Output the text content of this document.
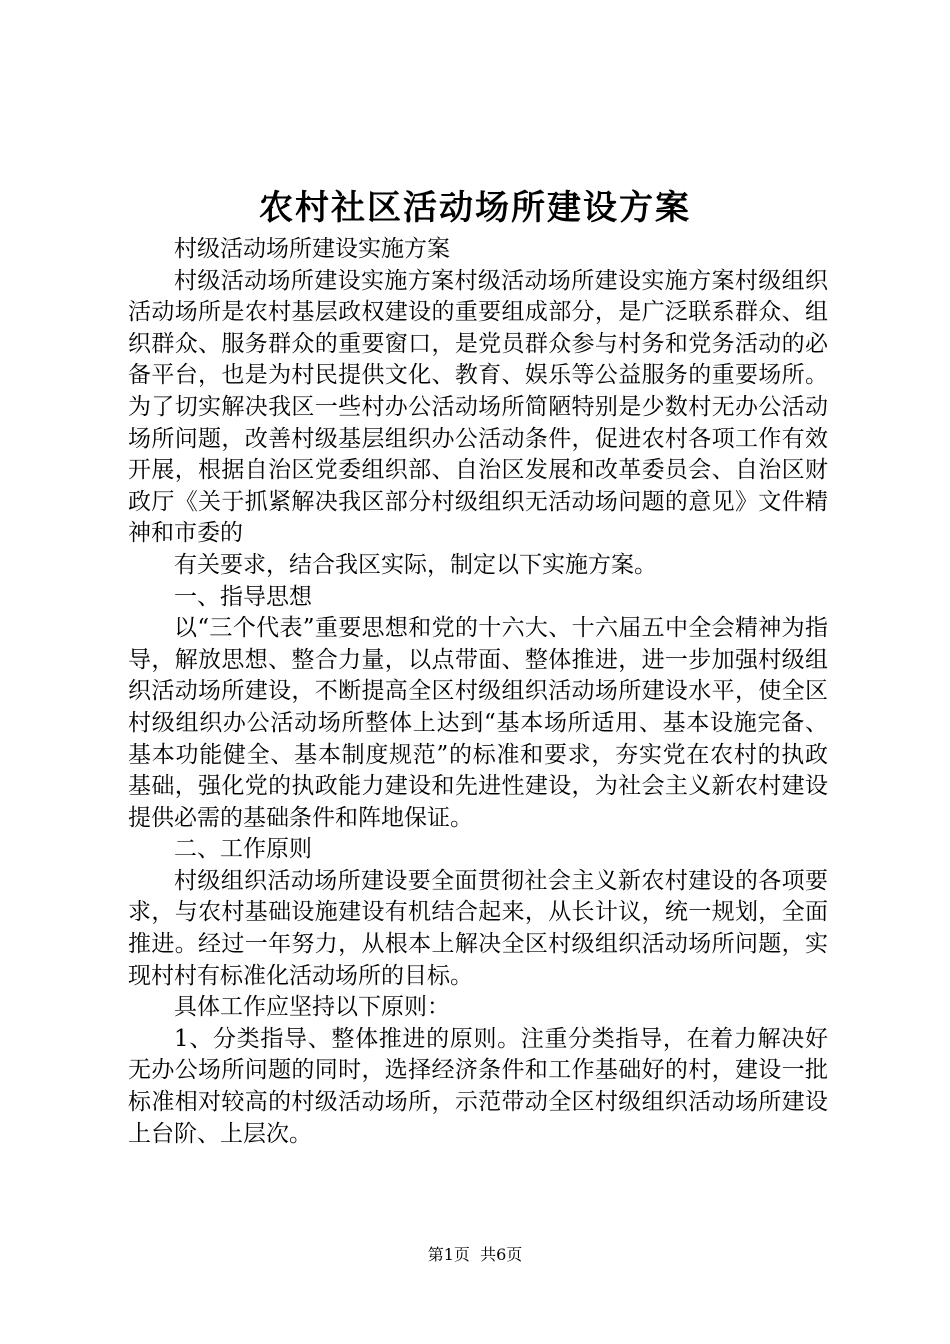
农村社区活动场所建设方案

村级活动场所建设实施方案

村级活动场所建设实施方案村级活动场所建设实施方案村级组织活动场所是农村基层政权建设的重要组成部分，是广泛联系群众、组织群众、服务群众的重要窗口，是党员群众参与村务和党务活动的必备平台，也是为村民提供文化、教育、娱乐等公益服务的重要场所。为了切实解决我区一些村办公活动场所简陋特别是少数村无办公活动场所问题，改善村级基层组织办公活动条件，促进农村各项工作有效开展，根据自治区党委组织部、自治区发展和改革委员会、自治区财政厅《关于抓紧解决我区部分村级组织无活动场问题的意见》文件精神和市委的

有关要求，结合我区实际，制定以下实施方案。

一、指导思想

以“三个代表”重要思想和党的十六大、十六届五中全会精神为指导，解放思想、整合力量，以点带面、整体推进，进一步加强村级组织活动场所建设，不断提高全区村级组织活动场所建设水平，使全区村级组织办公活动场所整体上达到“基本场所适用、基本设施完备、基本功能健全、基本制度规范”的标准和要求，夯实党在农村的执政基础，强化党的执政能力建设和先进性建设，为社会主义新农村建设提供必需的基础条件和阵地保证。

二、工作原则

村级组织活动场所建设要全面贯彻社会主义新农村建设的各项要求，与农村基础设施建设有机结合起来，从长计议，统一规划，全面推进。经过一年努力，从根本上解决全区村级组织活动场所问题，实现村村有标准化活动场所的目标。

具体工作应坚持以下原则：

1、分类指导、整体推进的原则。注重分类指导，在着力解决好无办公场所问题的同时，选择经济条件和工作基础好的村，建设一批标准相对较高的村级活动场所，示范带动全区村级组织活动场所建设上台阶、上层次。

第1页 共6页
